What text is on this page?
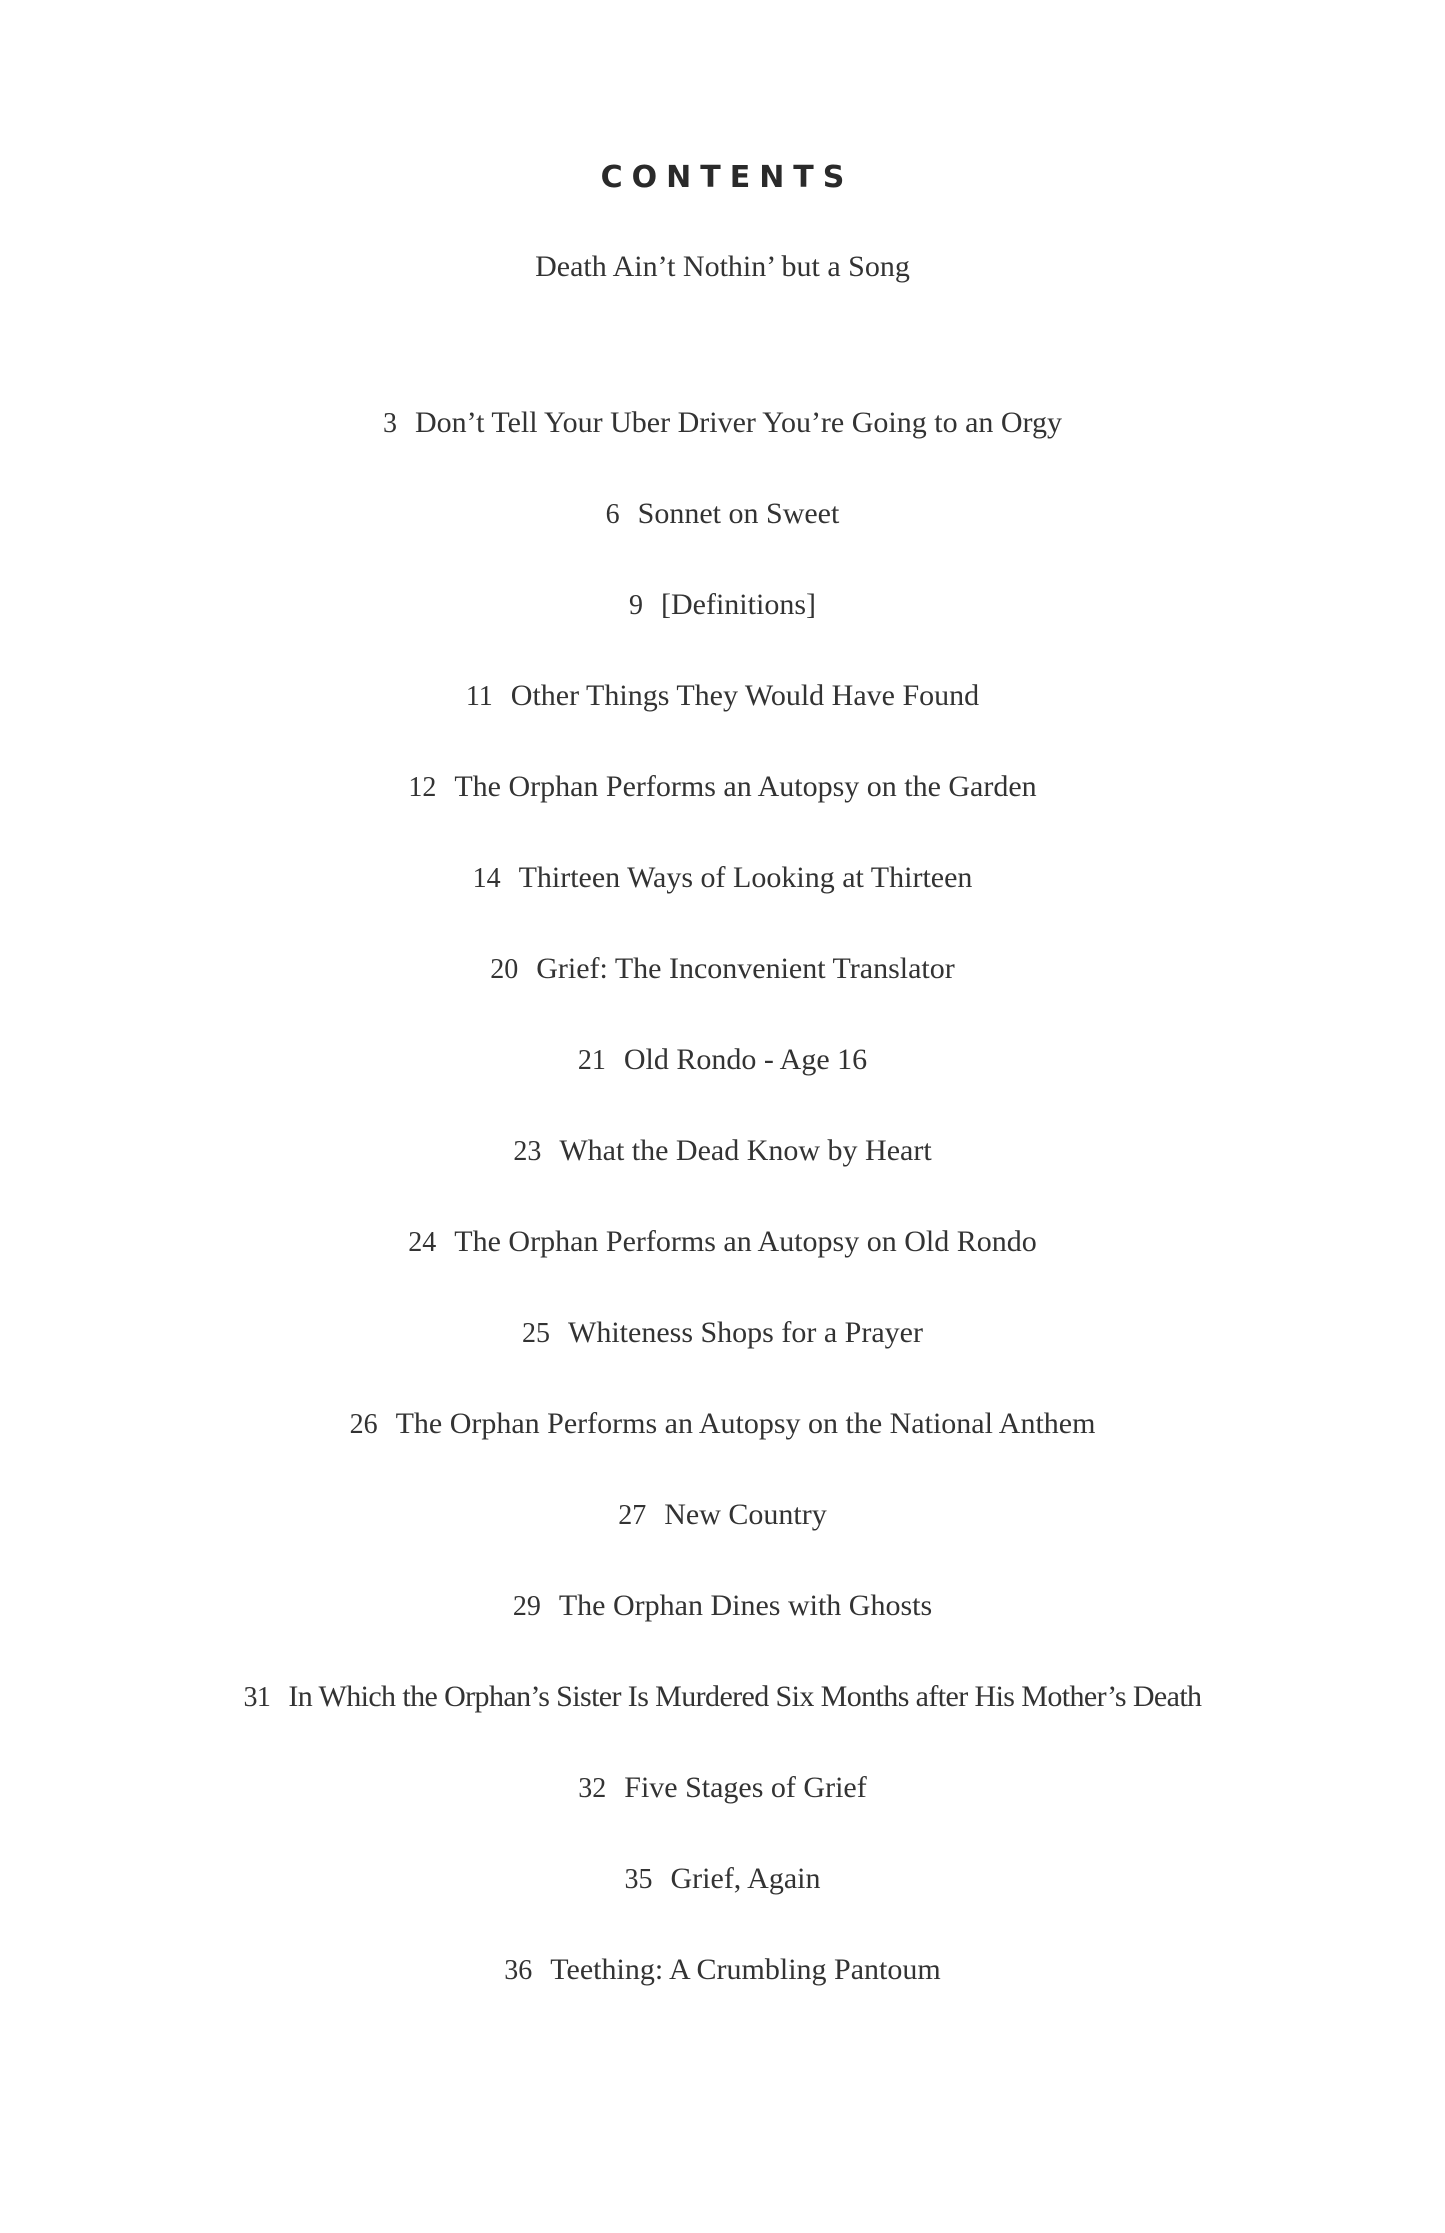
CONTENTS
Death Ain’t Nothin’ but a Song
3 Don’t Tell Your Uber Driver You’re Going to an Orgy
6 Sonnet on Sweet
9 [Definitions]
11 Other Things They Would Have Found
12 The Orphan Performs an Autopsy on the Garden
14 Thirteen Ways of Looking at Thirteen
20 Grief: The Inconvenient Translator
21 Old Rondo - Age 16
23 What the Dead Know by Heart
24 The Orphan Performs an Autopsy on Old Rondo
25 Whiteness Shops for a Prayer
26 The Orphan Performs an Autopsy on the National Anthem
27 New Country
29 The Orphan Dines with Ghosts
31 In Which the Orphan’s Sister Is Murdered Six Months after His Mother’s Death
32 Five Stages of Grief
35 Grief, Again
36 Teething: A Crumbling Pantoum
